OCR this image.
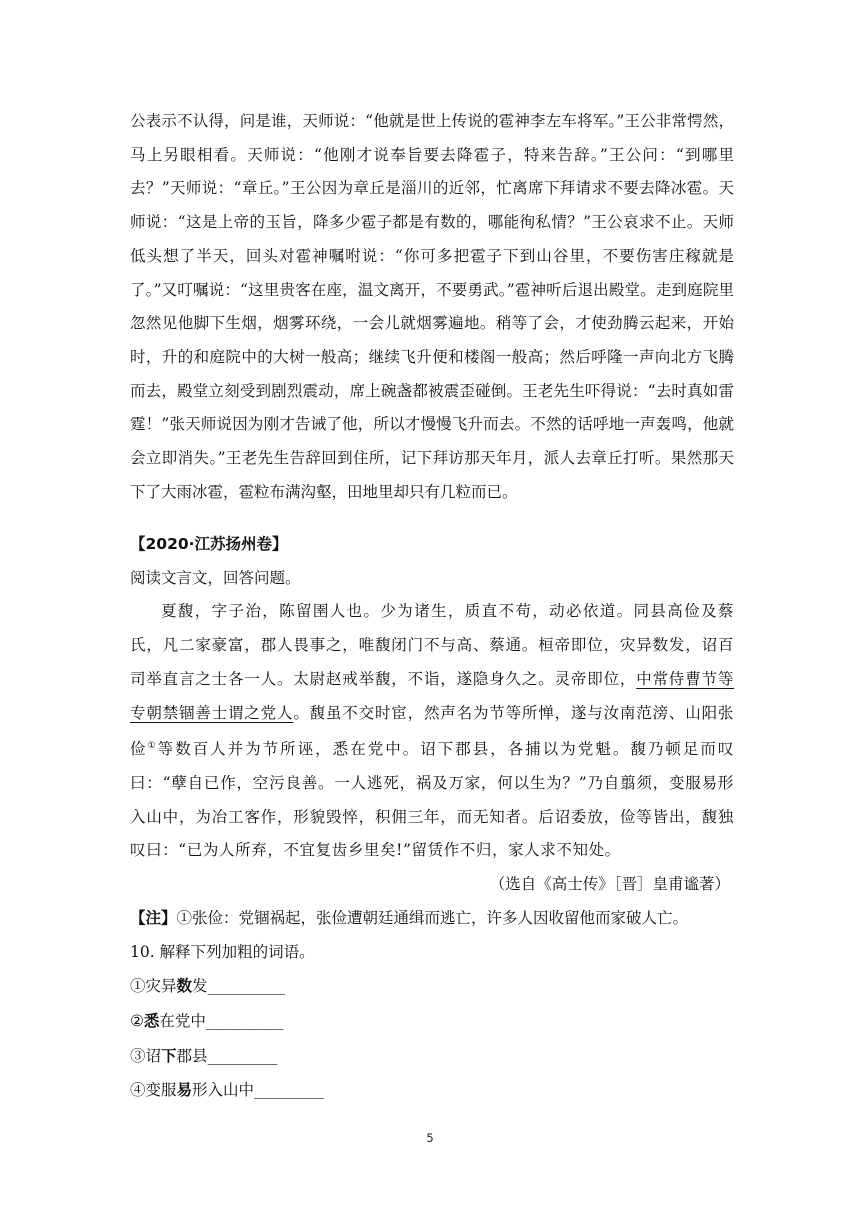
公表示不认得，问是谁，天师说：“他就是世上传说的雹神李左车将军。”王公非常愕然，马上另眼相看。天师说：“他刚才说奉旨要去降雹子，特来告辞。”王公问：“到哪里去？”天师说：“章丘。”王公因为章丘是淄川的近邻，忙离席下拜请求不要去降冰雹。天师说：“这是上帝的玉旨，降多少雹子都是有数的，哪能徇私情？”王公哀求不止。天师低头想了半天，回头对雹神嘱咐说：“你可多把雹子下到山谷里，不要伤害庄稼就是了。”又叮嘱说：“这里贵客在座，温文离开，不要勇武。”雹神听后退出殿堂。走到庭院里忽然见他脚下生烟，烟雾环绕，一会儿就烟雾遍地。稍等了会，才使劲腾云起来，开始时，升的和庭院中的大树一般高；继续飞升便和楼阁一般高；然后呼隆一声向北方飞腾而去，殿堂立刻受到剧烈震动，席上碗盏都被震歪碰倒。王老先生吓得说：“去时真如雷霆！”张天师说因为刚才告诫了他，所以才慢慢飞升而去。不然的话呼地一声轰鸣，他就会立即消失。”王老先生告辞回到住所，记下拜访那天年月，派人去章丘打听。果然那天下了大雨冰雹，雹粒布满沟壑，田地里却只有几粒而已。

【2020·江苏扬州卷】

阅读文言文，回答问题。

夏馥，字子治，陈留圉人也。少为诸生，质直不苟，动必依道。同县高俭及蔡氏，凡二家豪富，郡人畏事之，唯馥闭门不与高、蔡通。桓帝即位，灾异数发，诏百司举直言之士各一人。太尉赵戒举馥，不诣，遂隐身久之。灵帝即位，中常侍曹节等专朝禁锢善士谓之党人。馥虽不交时宦，然声名为节等所惮，遂与汝南范滂、山阳张俭①等数百人并为节所诬，悉在党中。诏下郡县，各捕以为党魁。馥乃顿足而叹曰：“孽自已作，空污良善。一人逃死，祸及万家，何以生为？”乃自翦须，变服易形入山中，为冶工客作，形貌毁悴，积佣三年，而无知者。后诏委放，俭等皆出，馥独叹曰：“已为人所弃，不宜复齿乡里矣!”留赁作不归，家人求不知处。

（选自《高士传》［晋］皇甫谧著）

【注】①张俭：党锢祸起，张俭遭朝廷通缉而逃亡，许多人因收留他而家破人亡。

10. 解释下列加粗的词语。

①灾异数发__________

②悉在党中__________

③诏下郡县_________

④变服易形入山中_________

5
